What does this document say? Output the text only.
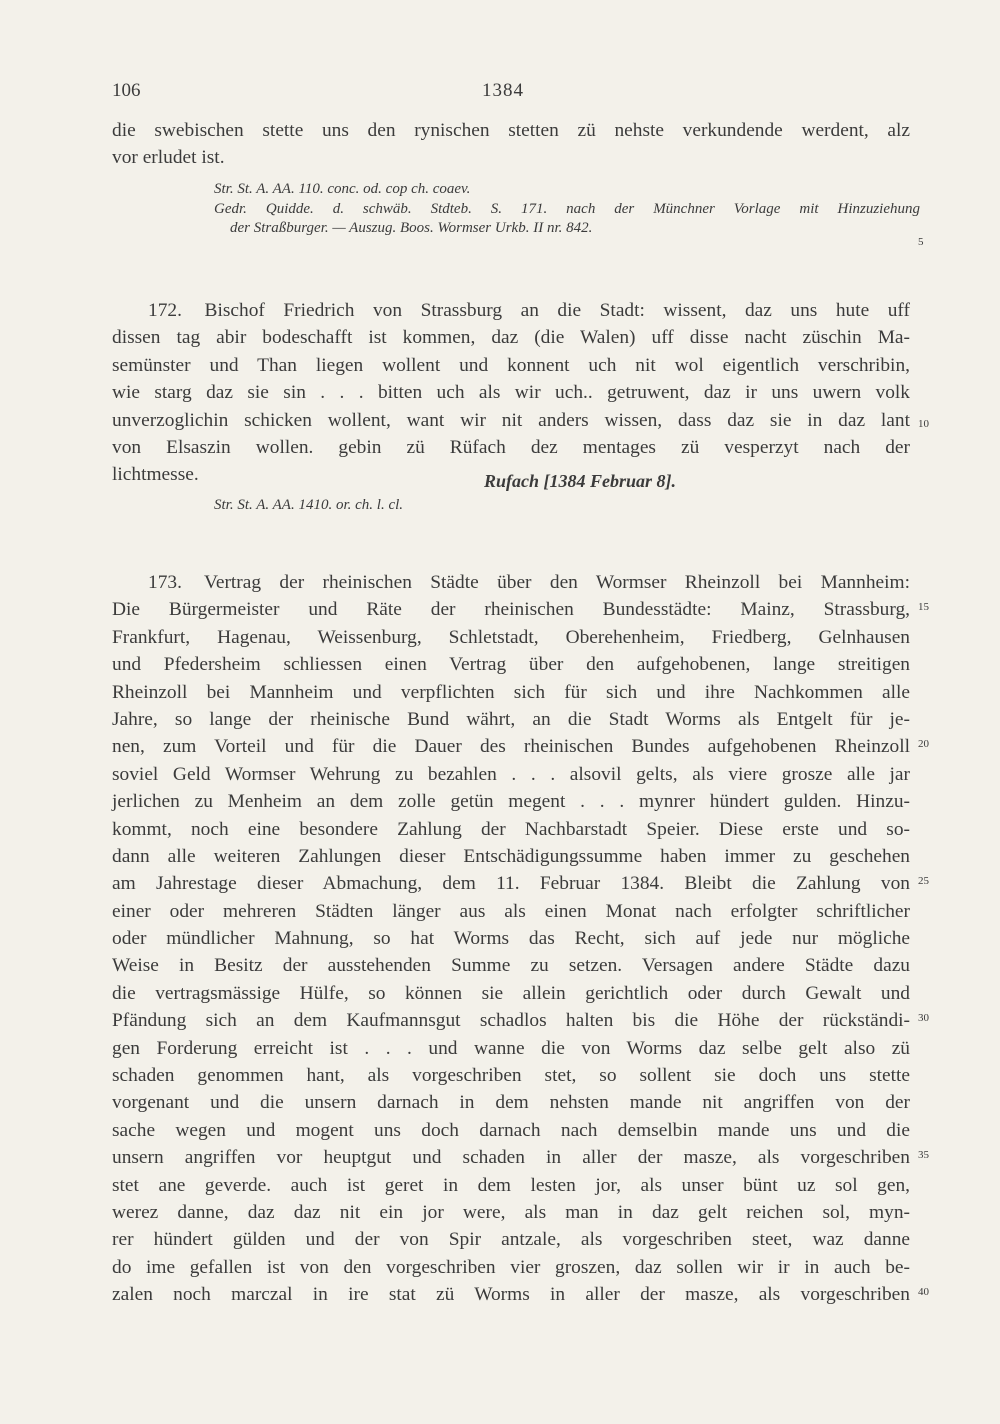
106	1384
die swebischen stette uns den rynischen stetten zü nehste verkundende werdent, alz
vor erludet ist.
Str. St. A. AA. 110. conc. od. cop ch. coaev.
Gedr. Quidde. d. schwäb. Stdteb. S. 171. nach der Münchner Vorlage mit Hinzuziehung
der Straßburger. — Auszug. Boos. Wormser Urkb. II nr. 842.
5
172. Bischof Friedrich von Strassburg an die Stadt: wissent, daz uns hute uff
dissen tag abir bodeschafft ist kommen, daz (die Walen) uff disse nacht züschin Ma-
semünster und Than liegen wollent und konnent uch nit wol eigentlich verschribin,
wie starg daz sie sin . . . bitten uch als wir uch.. getruwent, daz ir uns uwern volk
unverzoglichin schicken wollent, want wir nit anders wissen, dass daz sie in daz lant
von Elsaszin wollen. gebin zü Rüfach dez mentages zü vesperzyt nach der
lichtmesse.	Rufach [1384 Februar 8].
Str. St. A. AA. 1410. or. ch. l. cl.
10
173. Vertrag der rheinischen Städte über den Wormser Rheinzoll bei Mannheim:
Die Bürgermeister und Räte der rheinischen Bundesstädte: Mainz, Strassburg,
Frankfurt, Hagenau, Weissenburg, Schletstadt, Oberehenheim, Friedberg, Gelnhausen
und Pfedersheim schliessen einen Vertrag über den aufgehobenen, lange streitigen
Rheinzoll bei Mannheim und verpflichten sich für sich und ihre Nachkommen alle
Jahre, so lange der rheinische Bund währt, an die Stadt Worms als Entgelt für je-
nen, zum Vorteil und für die Dauer des rheinischen Bundes aufgehobenen Rheinzoll
soviel Geld Wormser Wehrung zu bezahlen . . . alsovil gelts, als viere grosze alle jar
jerlichen zu Menheim an dem zolle getün megent . . . mynrer hündert gulden. Hinzu-
kommt, noch eine besondere Zahlung der Nachbarstadt Speier. Diese erste und so-
dann alle weiteren Zahlungen dieser Entschädigungssumme haben immer zu geschehen
am Jahrestage dieser Abmachung, dem 11. Februar 1384. Bleibt die Zahlung von
einer oder mehreren Städten länger aus als einen Monat nach erfolgter schriftlicher
oder mündlicher Mahnung, so hat Worms das Recht, sich auf jede nur mögliche
Weise in Besitz der ausstehenden Summe zu setzen. Versagen andere Städte dazu
die vertragsmässige Hülfe, so können sie allein gerichtlich oder durch Gewalt und
Pfändung sich an dem Kaufmannsgut schadlos halten bis die Höhe der rückständi-
gen Forderung erreicht ist . . . und wanne die von Worms daz selbe gelt also zü
schaden genommen hant, als vorgeschriben stet, so sollent sie doch uns stette
vorgenant und die unsern darnach in dem nehsten mande nit angriffen von der
sache wegen und mogent uns doch darnach nach demselbin mande uns und die
unsern angriffen vor heuptgut und schaden in aller der masze, als vorgeschriben
stet ane geverde. auch ist geret in dem lesten jor, als unser bünt uz sol gen,
werez danne, daz daz nit ein jor were, als man in daz gelt reichen sol, myn-
rer hündert gülden und der von Spir antzale, als vorgeschriben steet, waz danne
do ime gefallen ist von den vorgeschriben vier groszen, daz sollen wir ir in auch be-
zalen noch marczal in ire stat zü Worms in aller der masze, als vorgeschriben
15
20
25
30
35
40
